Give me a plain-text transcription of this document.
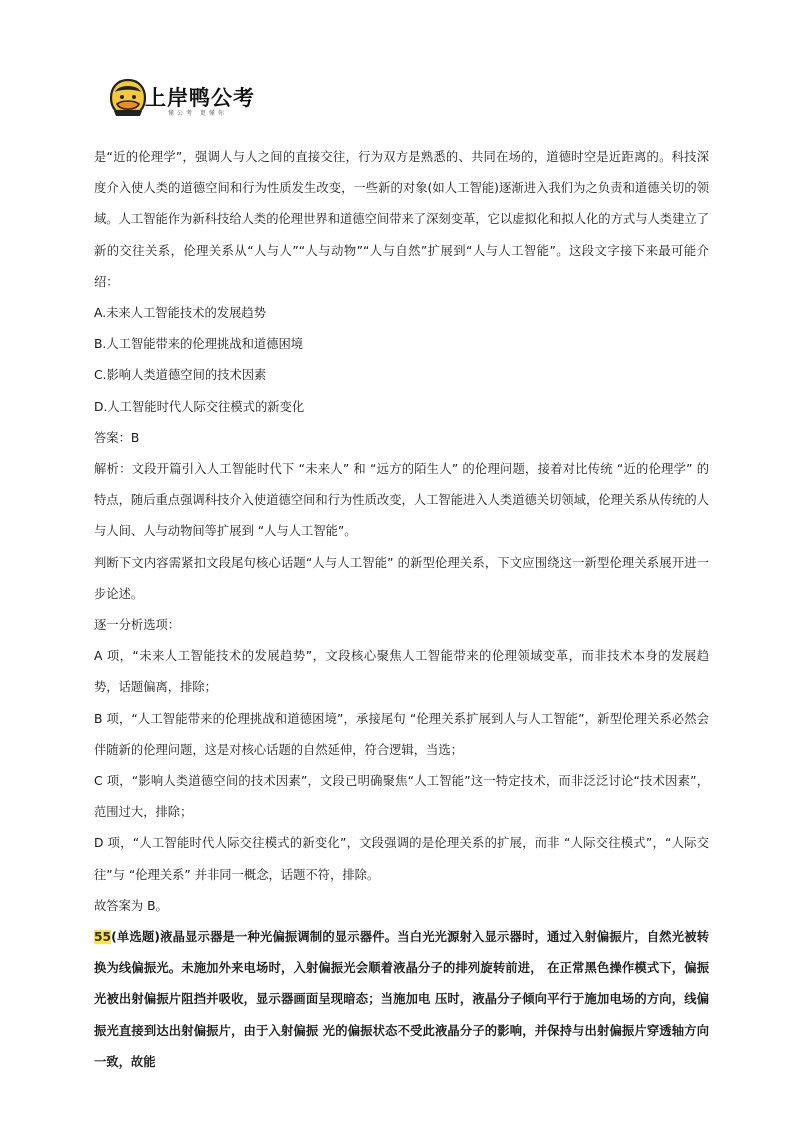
上岸鸭公考
懂公考 更懂你

是“近的伦理学”，强调人与人之间的直接交往，行为双方是熟悉的、共同在场的，道德时空是近距离的。科技深度介入使人类的道德空间和行为性质发生改变，一些新的对象(如人工智能)逐渐进入我们为之负责和道德关切的领域。人工智能作为新科技给人类的伦理世界和道德空间带来了深刻变革，它以虚拟化和拟人化的方式与人类建立了新的交往关系，伦理关系从“人与人”“人与动物”“人与自然”扩展到“人与人工智能”。这段文字接下来最可能介绍：

A.未来人工智能技术的发展趋势

B.人工智能带来的伦理挑战和道德困境

C.影响人类道德空间的技术因素

D.人工智能时代人际交往模式的新变化

答案：B

解析：文段开篇引入人工智能时代下 “未来人” 和 “远方的陌生人” 的伦理问题，接着对比传统 “近的伦理学” 的特点，随后重点强调科技介入使道德空间和行为性质改变，人工智能进入人类道德关切领域，伦理关系从传统的人与人间、人与动物间等扩展到 “人与人工智能”。

判断下文内容需紧扣文段尾句核心话题“人与人工智能” 的新型伦理关系，下文应围绕这一新型伦理关系展开进一步论述。

逐一分析选项：

A 项，“未来人工智能技术的发展趋势”，文段核心聚焦人工智能带来的伦理领域变革，而非技术本身的发展趋势，话题偏离，排除；

B 项，“人工智能带来的伦理挑战和道德困境”，承接尾句 “伦理关系扩展到人与人工智能”，新型伦理关系必然会伴随新的伦理问题，这是对核心话题的自然延伸，符合逻辑，当选；

C 项，“影响人类道德空间的技术因素”，文段已明确聚焦“人工智能”这一特定技术，而非泛泛讨论“技术因素”，范围过大，排除；

D 项，“人工智能时代人际交往模式的新变化”，文段强调的是伦理关系的扩展，而非 “人际交往模式”，“人际交往”与 “伦理关系” 并非同一概念，话题不符，排除。

故答案为 B。

55(单选题)液晶显示器是一种光偏振调制的显示器件。当白光光源射入显示器时，通过入射偏振片，自然光被转换为线偏振光。未施加外来电场时，入射偏振光会顺着液晶分子的排列旋转前进， 在正常黑色操作模式下，偏振光被出射偏振片阻挡并吸收，显示器画面呈现暗态；当施加电 压时，液晶分子倾向平行于施加电场的方向，线偏振光直接到达出射偏振片，由于入射偏振 光的偏振状态不受此液晶分子的影响，并保持与出射偏振片穿透轴方向一致，故能
